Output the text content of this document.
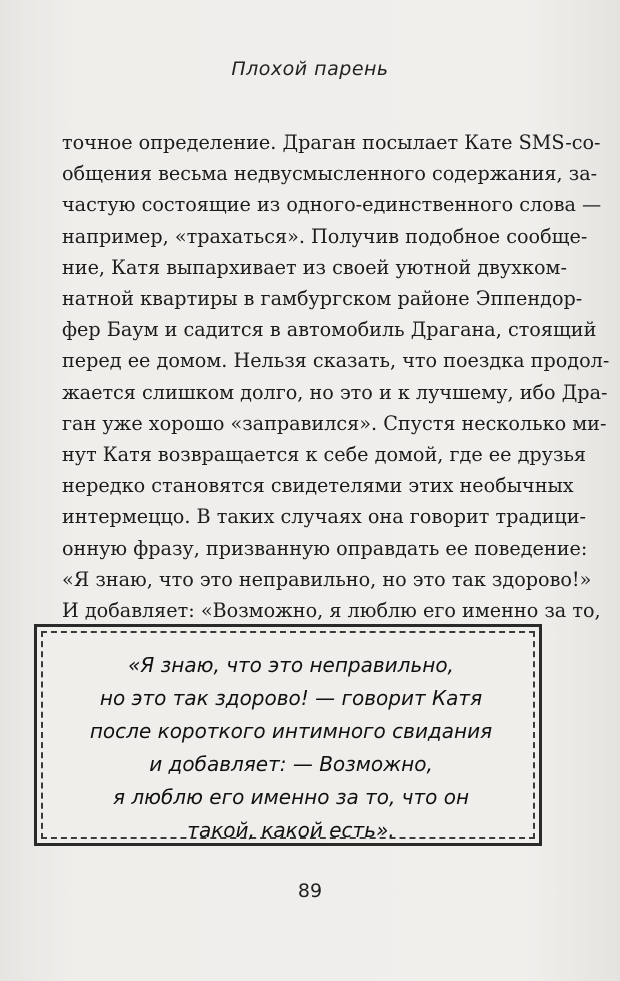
Плохой парень
точное определение. Драган посылает Кате SMS-со-
общения весьма недвусмысленного содержания, за-
частую состоящие из одного-единственного слова —
например, «трахаться». Получив подобное сообще-
ние, Катя выпархивает из своей уютной двухком-
натной квартиры в гамбургском районе Эппендор-
фер Баум и садится в автомобиль Драгана, стоящий
перед ее домом. Нельзя сказать, что поездка продол-
жается слишком долго, но это и к лучшему, ибо Дра-
ган уже хорошо «заправился». Спустя несколько ми-
нут Катя возвращается к себе домой, где ее друзья
нередко становятся свидетелями этих необычных
интермеццо. В таких случаях она говорит традици-
онную фразу, призванную оправдать ее поведение:
«Я знаю, что это неправильно, но это так здорово!»
И добавляет: «Возможно, я люблю его именно за то,
«Я знаю, что это неправильно,
но это так здорово! — говорит Катя
после короткого интимного свидания
и добавляет: — Возможно,
я люблю его именно за то, что он
такой, какой есть».
89
